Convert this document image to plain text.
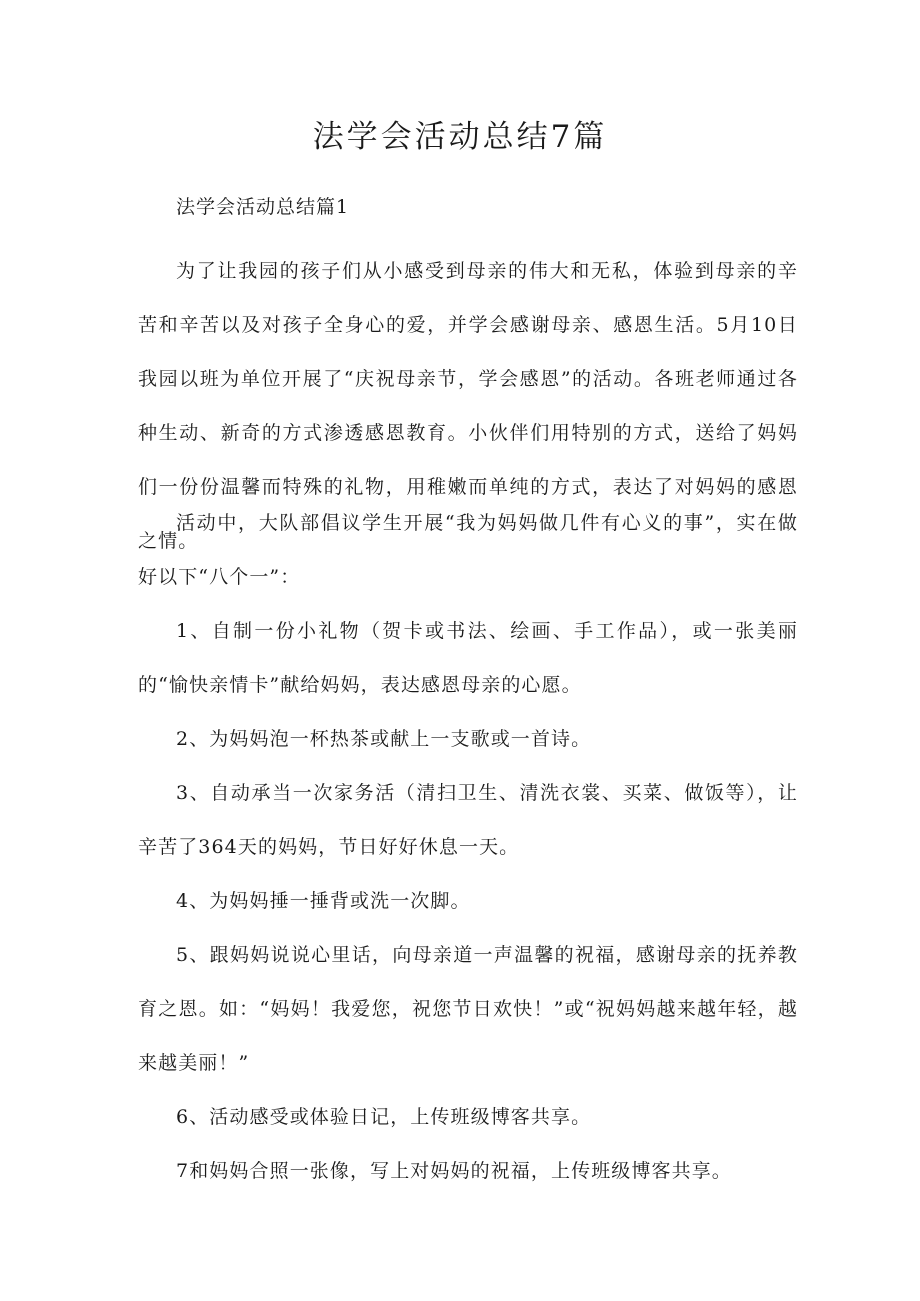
法学会活动总结7篇

法学会活动总结篇1

为了让我园的孩子们从小感受到母亲的伟大和无私，体验到母亲的辛苦和辛苦以及对孩子全身心的爱，并学会感谢母亲、感恩生活。5月10日我园以班为单位开展了“庆祝母亲节，学会感恩”的活动。各班老师通过各种生动、新奇的方式渗透感恩教育。小伙伴们用特别的方式，送给了妈妈们一份份温馨而特殊的礼物，用稚嫩而单纯的方式，表达了对妈妈的感恩之情。

活动中，大队部倡议学生开展“我为妈妈做几件有心义的事”，实在做好以下“八个一”：

1、自制一份小礼物（贺卡或书法、绘画、手工作品），或一张美丽的“愉快亲情卡”献给妈妈，表达感恩母亲的心愿。

2、为妈妈泡一杯热茶或献上一支歌或一首诗。

3、自动承当一次家务活（清扫卫生、清洗衣裳、买菜、做饭等），让辛苦了364天的妈妈，节日好好休息一天。

4、为妈妈捶一捶背或洗一次脚。

5、跟妈妈说说心里话，向母亲道一声温馨的祝福，感谢母亲的抚养教育之恩。如：“妈妈！我爱您，祝您节日欢快！”或“祝妈妈越来越年轻，越来越美丽！”

6、活动感受或体验日记，上传班级博客共享。

7和妈妈合照一张像，写上对妈妈的祝福，上传班级博客共享。
